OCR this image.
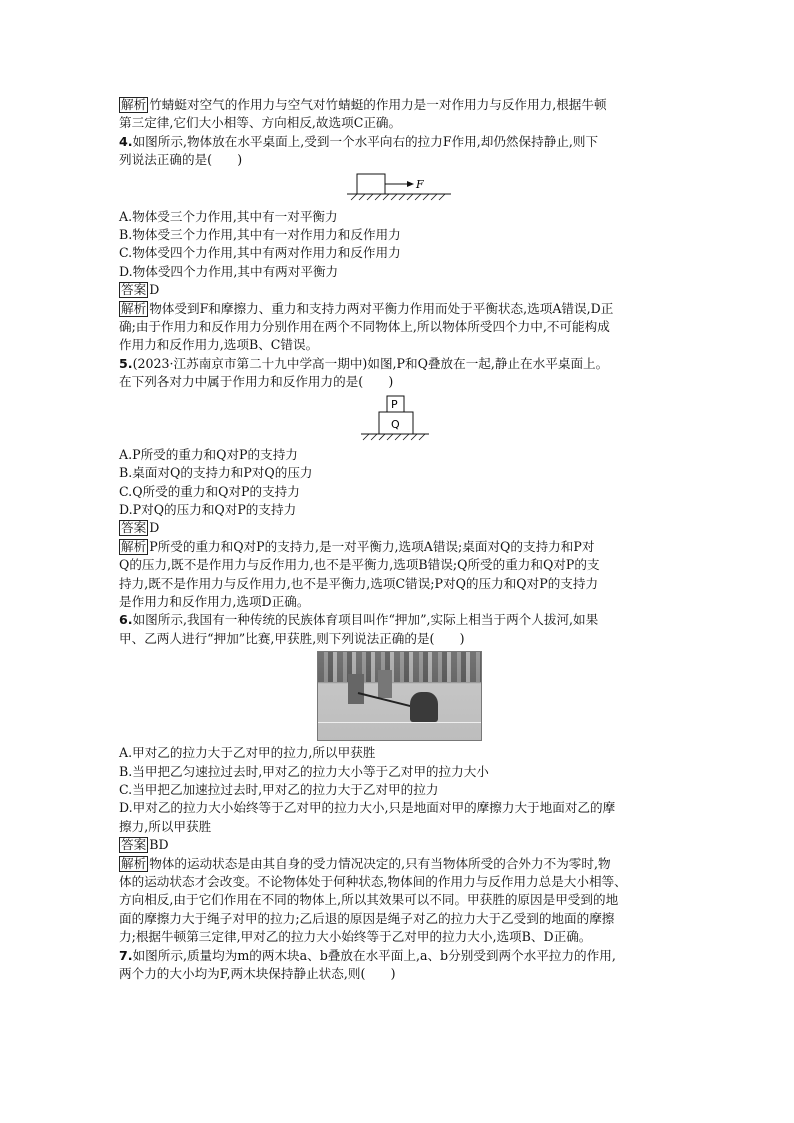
解析 竹蜻蜓对空气的作用力与空气对竹蜻蜓的作用力是一对作用力与反作用力,根据牛顿
第三定律,它们大小相等、方向相反,故选项C正确。
4.如图所示,物体放在水平桌面上,受到一个水平向右的拉力F作用,却仍然保持静止,则下
列说法正确的是(　　)
F
A.物体受三个力作用,其中有一对平衡力
B.物体受三个力作用,其中有一对作用力和反作用力
C.物体受四个力作用,其中有两对作用力和反作用力
D.物体受四个力作用,其中有两对平衡力
答案 D
解析 物体受到F和摩擦力、重力和支持力两对平衡力作用而处于平衡状态,选项A错误,D正
确;由于作用力和反作用力分别作用在两个不同物体上,所以物体所受四个力中,不可能构成
作用力和反作用力,选项B、C错误。
5.(2023·江苏南京市第二十九中学高一期中)如图,P和Q叠放在一起,静止在水平桌面上。
在下列各对力中属于作用力和反作用力的是(　　)
P
Q
A.P所受的重力和Q对P的支持力
B.桌面对Q的支持力和P对Q的压力
C.Q所受的重力和Q对P的支持力
D.P对Q的压力和Q对P的支持力
答案 D
解析 P所受的重力和Q对P的支持力,是一对平衡力,选项A错误;桌面对Q的支持力和P对
Q的压力,既不是作用力与反作用力,也不是平衡力,选项B错误;Q所受的重力和Q对P的支
持力,既不是作用力与反作用力,也不是平衡力,选项C错误;P对Q的压力和Q对P的支持力
是作用力和反作用力,选项D正确。
6.如图所示,我国有一种传统的民族体育项目叫作“押加”,实际上相当于两个人拔河,如果
甲、乙两人进行“押加”比赛,甲获胜,则下列说法正确的是(　　)
A.甲对乙的拉力大于乙对甲的拉力,所以甲获胜
B.当甲把乙匀速拉过去时,甲对乙的拉力大小等于乙对甲的拉力大小
C.当甲把乙加速拉过去时,甲对乙的拉力大于乙对甲的拉力
D.甲对乙的拉力大小始终等于乙对甲的拉力大小,只是地面对甲的摩擦力大于地面对乙的摩
擦力,所以甲获胜
答案 BD
解析 物体的运动状态是由其自身的受力情况决定的,只有当物体所受的合外力不为零时,物
体的运动状态才会改变。不论物体处于何种状态,物体间的作用力与反作用力总是大小相等、
方向相反,由于它们作用在不同的物体上,所以其效果可以不同。甲获胜的原因是甲受到的地
面的摩擦力大于绳子对甲的拉力;乙后退的原因是绳子对乙的拉力大于乙受到的地面的摩擦
力;根据牛顿第三定律,甲对乙的拉力大小始终等于乙对甲的拉力大小,选项B、D正确。
7.如图所示,质量均为m的两木块a、b叠放在水平面上,a、b分别受到两个水平拉力的作用,
两个力的大小均为F,两木块保持静止状态,则(　　)
